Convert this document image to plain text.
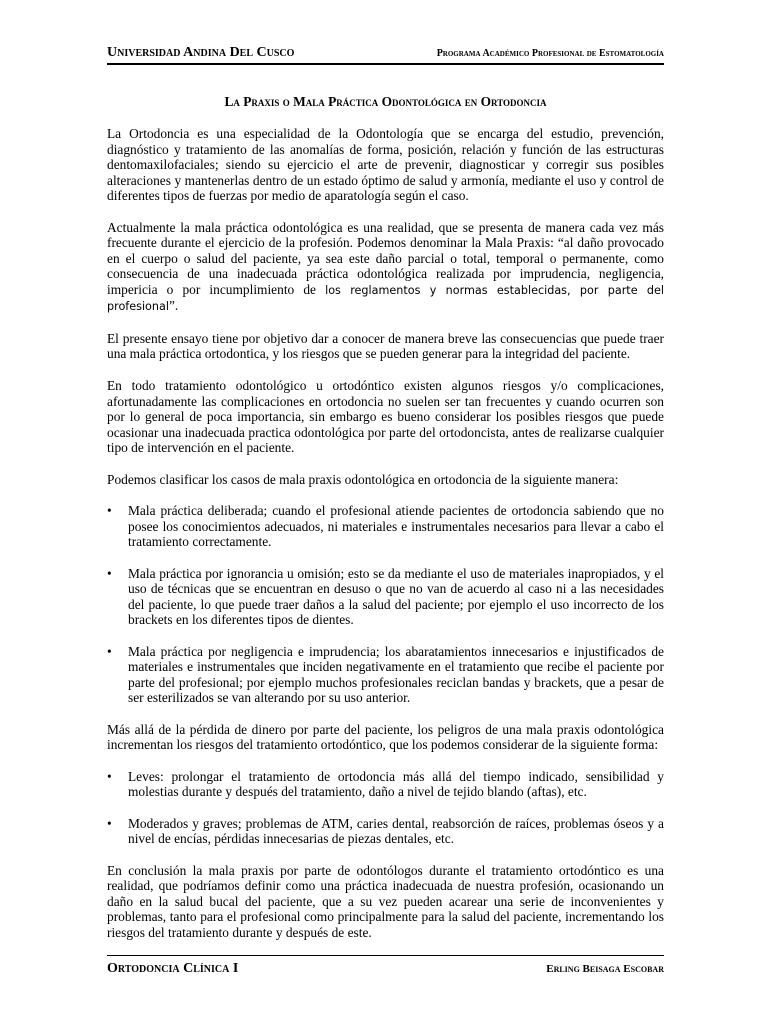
Universidad Andina Del Cusco	Programa Académico Profesional de Estomatología
La Praxis o Mala Práctica Odontológica en Ortodoncia

La Ortodoncia es una especialidad de la Odontología que se encarga del estudio, prevención, diagnóstico y tratamiento de las anomalías de forma, posición, relación y función de las estructuras dentomaxilofaciales; siendo su ejercicio el arte de prevenir, diagnosticar y corregir sus posibles alteraciones y mantenerlas dentro de un estado óptimo de salud y armonía, mediante el uso y control de diferentes tipos de fuerzas por medio de aparatología según el caso.

Actualmente la mala práctica odontológica es una realidad, que se presenta de manera cada vez más frecuente durante el ejercicio de la profesión. Podemos denominar la Mala Praxis: “al daño provocado en el cuerpo o salud del paciente, ya sea este daño parcial o total, temporal o permanente, como consecuencia de una inadecuada práctica odontológica realizada por imprudencia, negligencia, impericia o por incumplimiento de los reglamentos y normas establecidas, por parte del profesional”.

El presente ensayo tiene por objetivo dar a conocer de manera breve las consecuencias que puede traer una mala práctica ortodontica, y los riesgos que se pueden generar para la integridad del paciente.

En todo tratamiento odontológico u ortodóntico existen algunos riesgos y/o complicaciones, afortunadamente las complicaciones en ortodoncia no suelen ser tan frecuentes y cuando ocurren son por lo general de poca importancia, sin embargo es bueno considerar los posibles riesgos que puede ocasionar una inadecuada practica odontológica por parte del ortodoncista, antes de realizarse cualquier tipo de intervención en el paciente.

Podemos clasificar los casos de mala praxis odontológica en ortodoncia de la siguiente manera:

• Mala práctica deliberada; cuando el profesional atiende pacientes de ortodoncia sabiendo que no posee los conocimientos adecuados, ni materiales e instrumentales necesarios para llevar a cabo el tratamiento correctamente.
• Mala práctica por ignorancia u omisión; esto se da mediante el uso de materiales inapropiados, y el uso de técnicas que se encuentran en desuso o que no van de acuerdo al caso ni a las necesidades del paciente, lo que puede traer daños a la salud del paciente; por ejemplo el uso incorrecto de los brackets en los diferentes tipos de dientes.
• Mala práctica por negligencia e imprudencia; los abaratamientos innecesarios e injustificados de materiales e instrumentales que inciden negativamente en el tratamiento que recibe el paciente por parte del profesional; por ejemplo muchos profesionales reciclan bandas y brackets, que a pesar de ser esterilizados se van alterando por su uso anterior.

Más allá de la pérdida de dinero por parte del paciente, los peligros de una mala praxis odontológica incrementan los riesgos del tratamiento ortodóntico, que los podemos considerar de la siguiente forma:

• Leves: prolongar el tratamiento de ortodoncia más allá del tiempo indicado, sensibilidad y molestias durante y después del tratamiento, daño a nivel de tejido blando (aftas), etc.
• Moderados y graves; problemas de ATM, caries dental, reabsorción de raíces, problemas óseos y a nivel de encías, pérdidas innecesarias de piezas dentales, etc.

En conclusión la mala praxis por parte de odontólogos durante el tratamiento ortodóntico es una realidad, que podríamos definir como una práctica inadecuada de nuestra profesión, ocasionando un daño en la salud bucal del paciente, que a su vez pueden acarear una serie de inconvenientes y problemas, tanto para el profesional como principalmente para la salud del paciente, incrementando los riesgos del tratamiento durante y después de este.

Ortodoncia Clínica I	Erling Beisaga Escobar
